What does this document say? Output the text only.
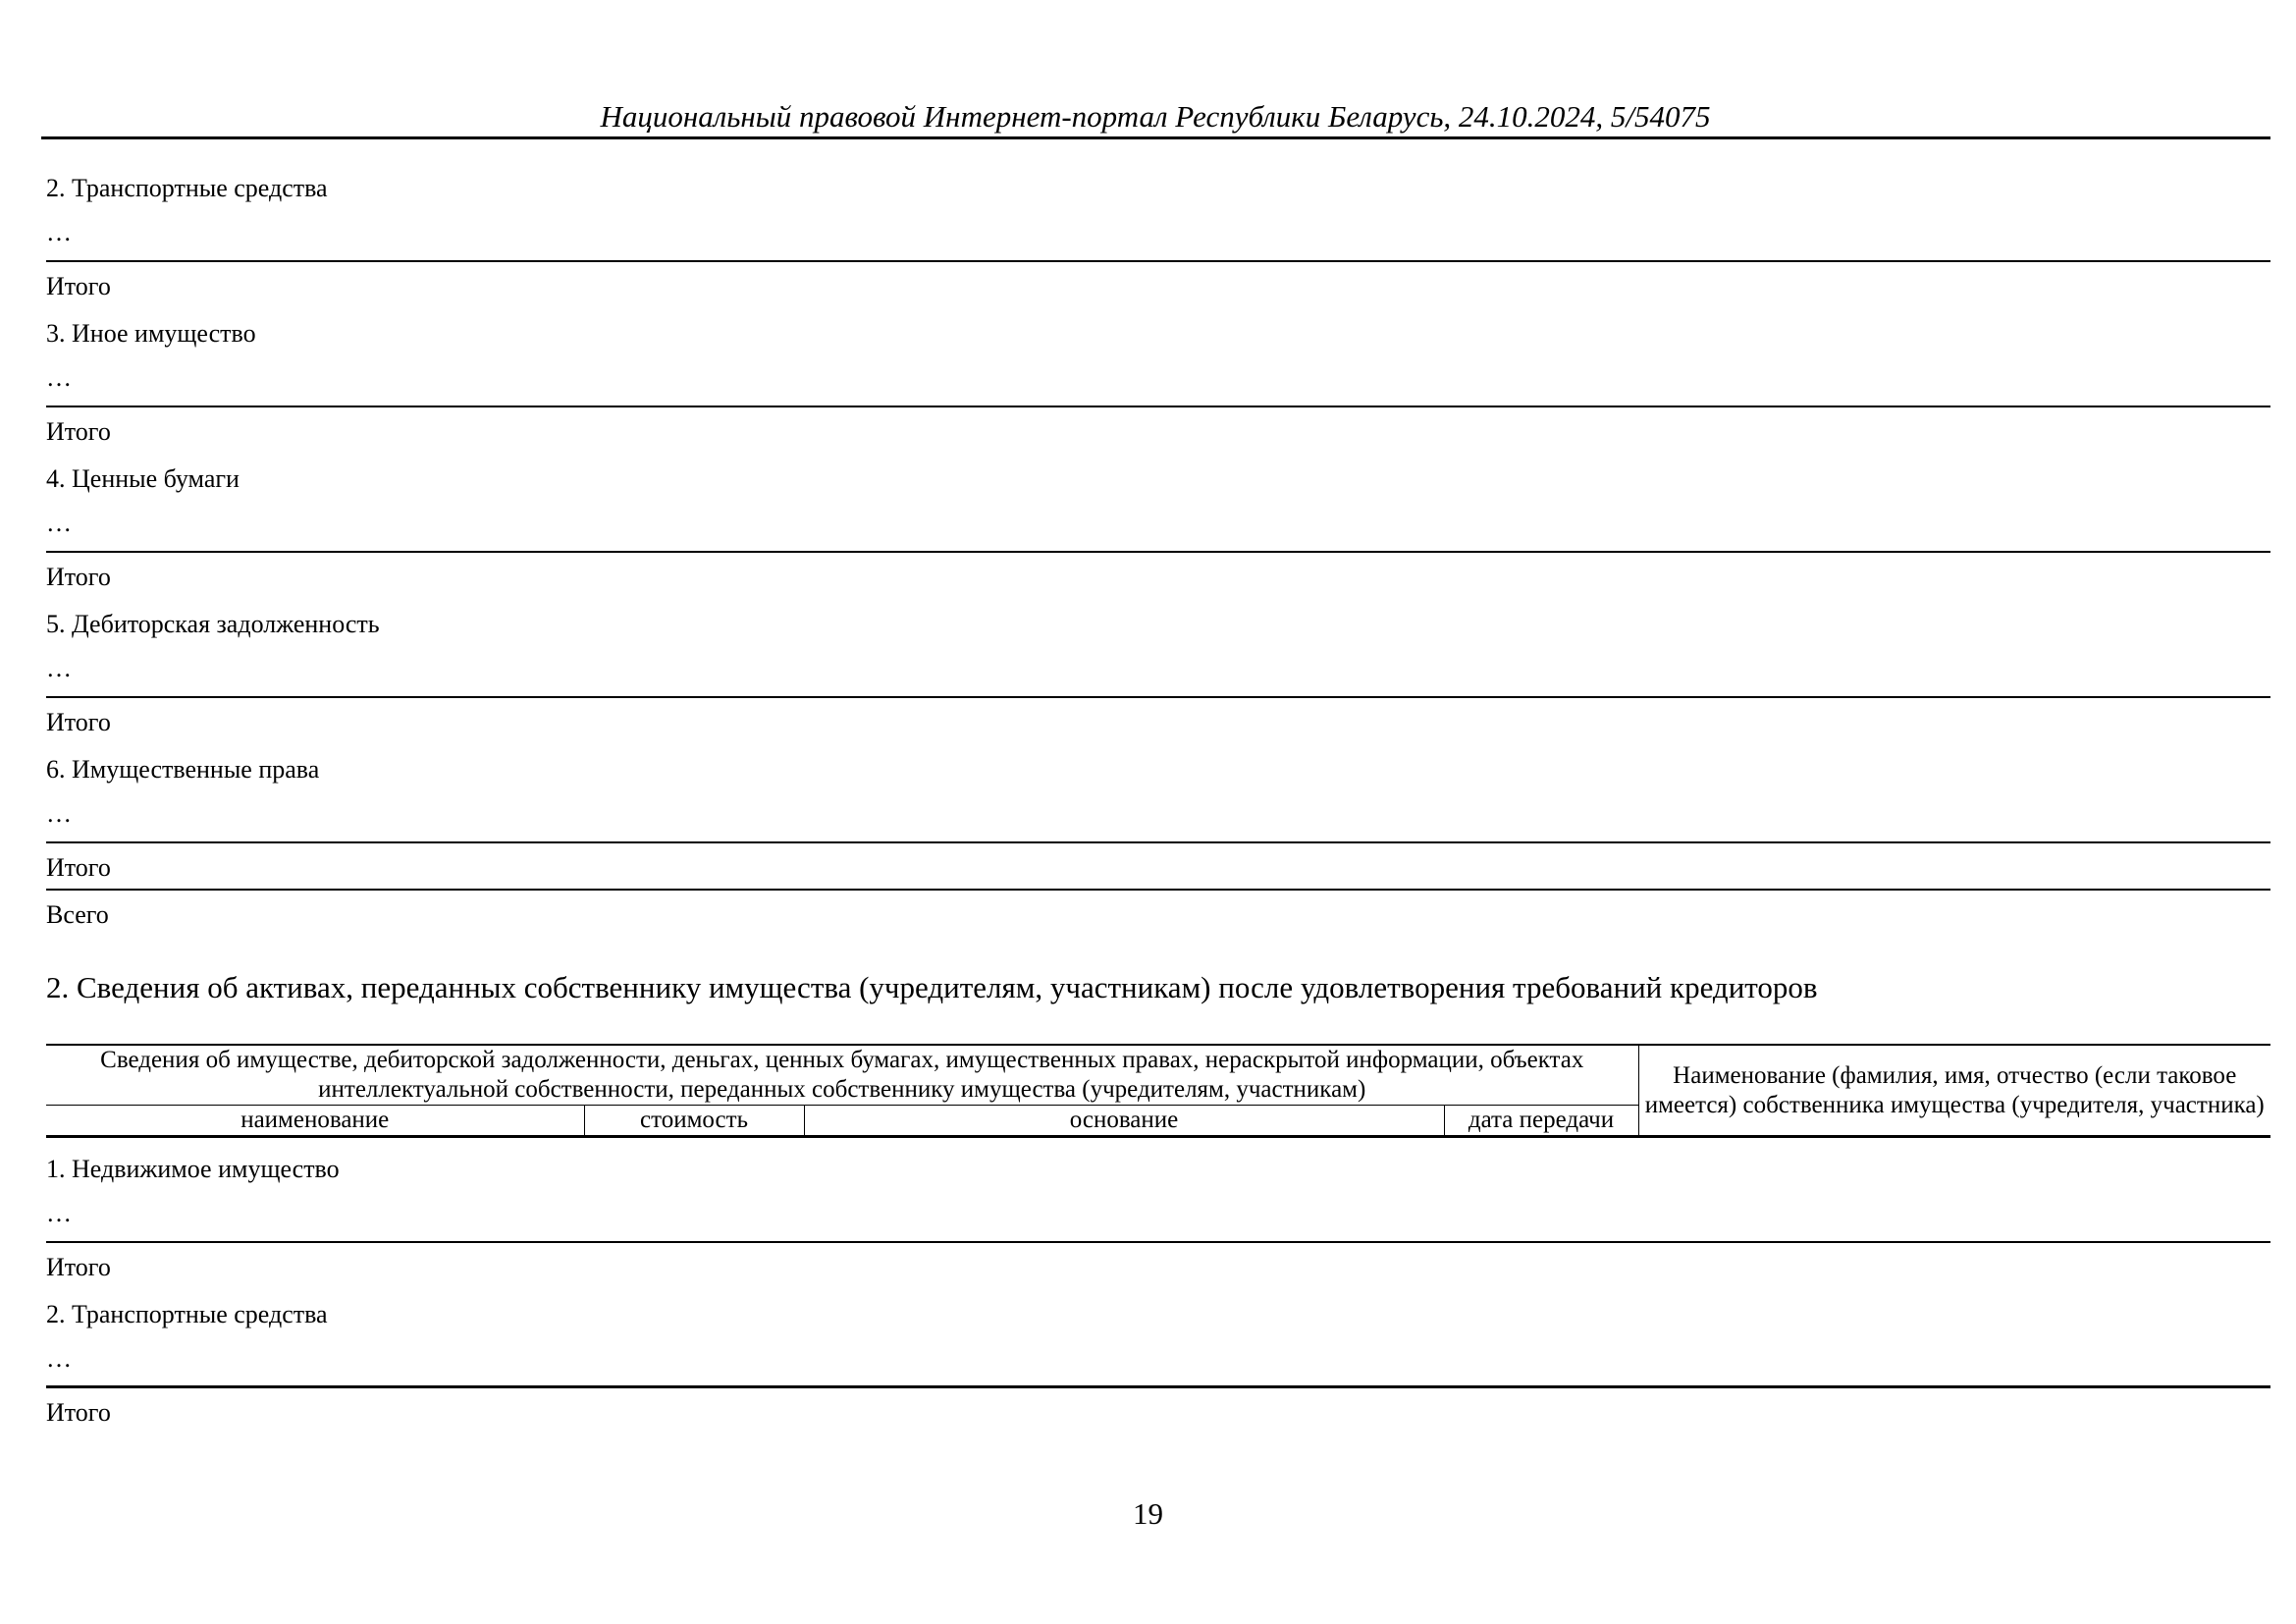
Национальный правовой Интернет-портал Республики Беларусь, 24.10.2024, 5/54075
2. Транспортные средства
…
Итого
3. Иное имущество
…
Итого
4. Ценные бумаги
…
Итого
5. Дебиторская задолженность
…
Итого
6. Имущественные права
…
Итого
Всего
2. Сведения об активах, переданных собственнику имущества (учредителям, участникам) после удовлетворения требований кредиторов
Сведения об имуществе, дебиторской задолженности, деньгах, ценных бумагах, имущественных правах, нераскрытой информации, объектах интеллектуальной собственности, переданных собственнику имущества (учредителям, участникам)				Наименование (фамилия, имя, отчество (если таковое имеется) собственника имущества (учредителя, участника)
наименование	стоимость	основание	дата передачи	
1. Недвижимое имущество
…
Итого
2. Транспортные средства
…
Итого
19
